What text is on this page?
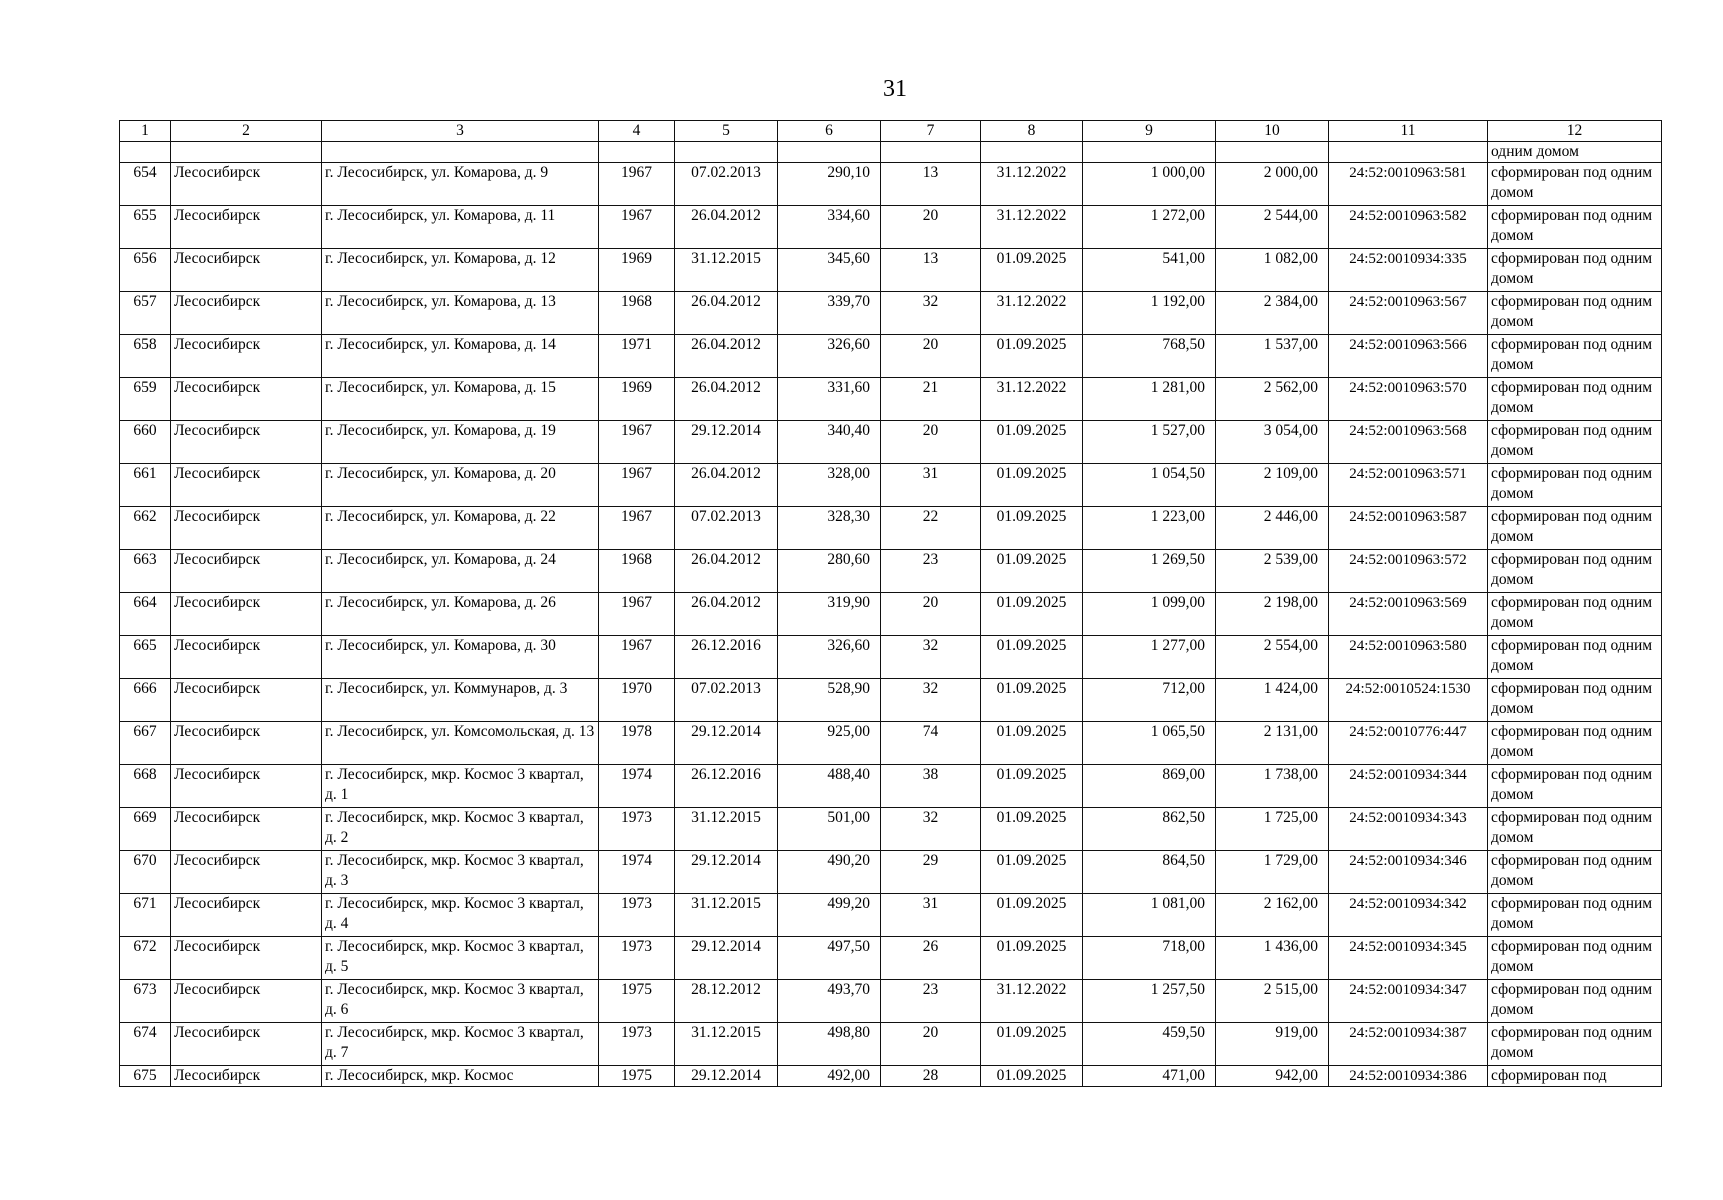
31
1	2	3	4	5	6	7	8	9	10	11	12
											одним домом
654	Лесосибирск	г. Лесосибирск, ул. Комарова, д. 9	1967	07.02.2013	290,10	13	31.12.2022	1 000,00	2 000,00	24:52:0010963:581	сформирован под одним домом
655	Лесосибирск	г. Лесосибирск, ул. Комарова, д. 11	1967	26.04.2012	334,60	20	31.12.2022	1 272,00	2 544,00	24:52:0010963:582	сформирован под одним домом
656	Лесосибирск	г. Лесосибирск, ул. Комарова, д. 12	1969	31.12.2015	345,60	13	01.09.2025	541,00	1 082,00	24:52:0010934:335	сформирован под одним домом
657	Лесосибирск	г. Лесосибирск, ул. Комарова, д. 13	1968	26.04.2012	339,70	32	31.12.2022	1 192,00	2 384,00	24:52:0010963:567	сформирован под одним домом
658	Лесосибирск	г. Лесосибирск, ул. Комарова, д. 14	1971	26.04.2012	326,60	20	01.09.2025	768,50	1 537,00	24:52:0010963:566	сформирован под одним домом
659	Лесосибирск	г. Лесосибирск, ул. Комарова, д. 15	1969	26.04.2012	331,60	21	31.12.2022	1 281,00	2 562,00	24:52:0010963:570	сформирован под одним домом
660	Лесосибирск	г. Лесосибирск, ул. Комарова, д. 19	1967	29.12.2014	340,40	20	01.09.2025	1 527,00	3 054,00	24:52:0010963:568	сформирован под одним домом
661	Лесосибирск	г. Лесосибирск, ул. Комарова, д. 20	1967	26.04.2012	328,00	31	01.09.2025	1 054,50	2 109,00	24:52:0010963:571	сформирован под одним домом
662	Лесосибирск	г. Лесосибирск, ул. Комарова, д. 22	1967	07.02.2013	328,30	22	01.09.2025	1 223,00	2 446,00	24:52:0010963:587	сформирован под одним домом
663	Лесосибирск	г. Лесосибирск, ул. Комарова, д. 24	1968	26.04.2012	280,60	23	01.09.2025	1 269,50	2 539,00	24:52:0010963:572	сформирован под одним домом
664	Лесосибирск	г. Лесосибирск, ул. Комарова, д. 26	1967	26.04.2012	319,90	20	01.09.2025	1 099,00	2 198,00	24:52:0010963:569	сформирован под одним домом
665	Лесосибирск	г. Лесосибирск, ул. Комарова, д. 30	1967	26.12.2016	326,60	32	01.09.2025	1 277,00	2 554,00	24:52:0010963:580	сформирован под одним домом
666	Лесосибирск	г. Лесосибирск, ул. Коммунаров, д. 3	1970	07.02.2013	528,90	32	01.09.2025	712,00	1 424,00	24:52:0010524:1530	сформирован под одним домом
667	Лесосибирск	г. Лесосибирск, ул. Комсомольская, д. 13	1978	29.12.2014	925,00	74	01.09.2025	1 065,50	2 131,00	24:52:0010776:447	сформирован под одним домом
668	Лесосибирск	г. Лесосибирск, мкр. Космос 3 квартал, д. 1	1974	26.12.2016	488,40	38	01.09.2025	869,00	1 738,00	24:52:0010934:344	сформирован под одним домом
669	Лесосибирск	г. Лесосибирск, мкр. Космос 3 квартал, д. 2	1973	31.12.2015	501,00	32	01.09.2025	862,50	1 725,00	24:52:0010934:343	сформирован под одним домом
670	Лесосибирск	г. Лесосибирск, мкр. Космос 3 квартал, д. 3	1974	29.12.2014	490,20	29	01.09.2025	864,50	1 729,00	24:52:0010934:346	сформирован под одним домом
671	Лесосибирск	г. Лесосибирск, мкр. Космос 3 квартал, д. 4	1973	31.12.2015	499,20	31	01.09.2025	1 081,00	2 162,00	24:52:0010934:342	сформирован под одним домом
672	Лесосибирск	г. Лесосибирск, мкр. Космос 3 квартал, д. 5	1973	29.12.2014	497,50	26	01.09.2025	718,00	1 436,00	24:52:0010934:345	сформирован под одним домом
673	Лесосибирск	г. Лесосибирск, мкр. Космос 3 квартал, д. 6	1975	28.12.2012	493,70	23	31.12.2022	1 257,50	2 515,00	24:52:0010934:347	сформирован под одним домом
674	Лесосибирск	г. Лесосибирск, мкр. Космос 3 квартал, д. 7	1973	31.12.2015	498,80	20	01.09.2025	459,50	919,00	24:52:0010934:387	сформирован под одним домом
675	Лесосибирск	г. Лесосибирск, мкр. Космос	1975	29.12.2014	492,00	28	01.09.2025	471,00	942,00	24:52:0010934:386	сформирован под
